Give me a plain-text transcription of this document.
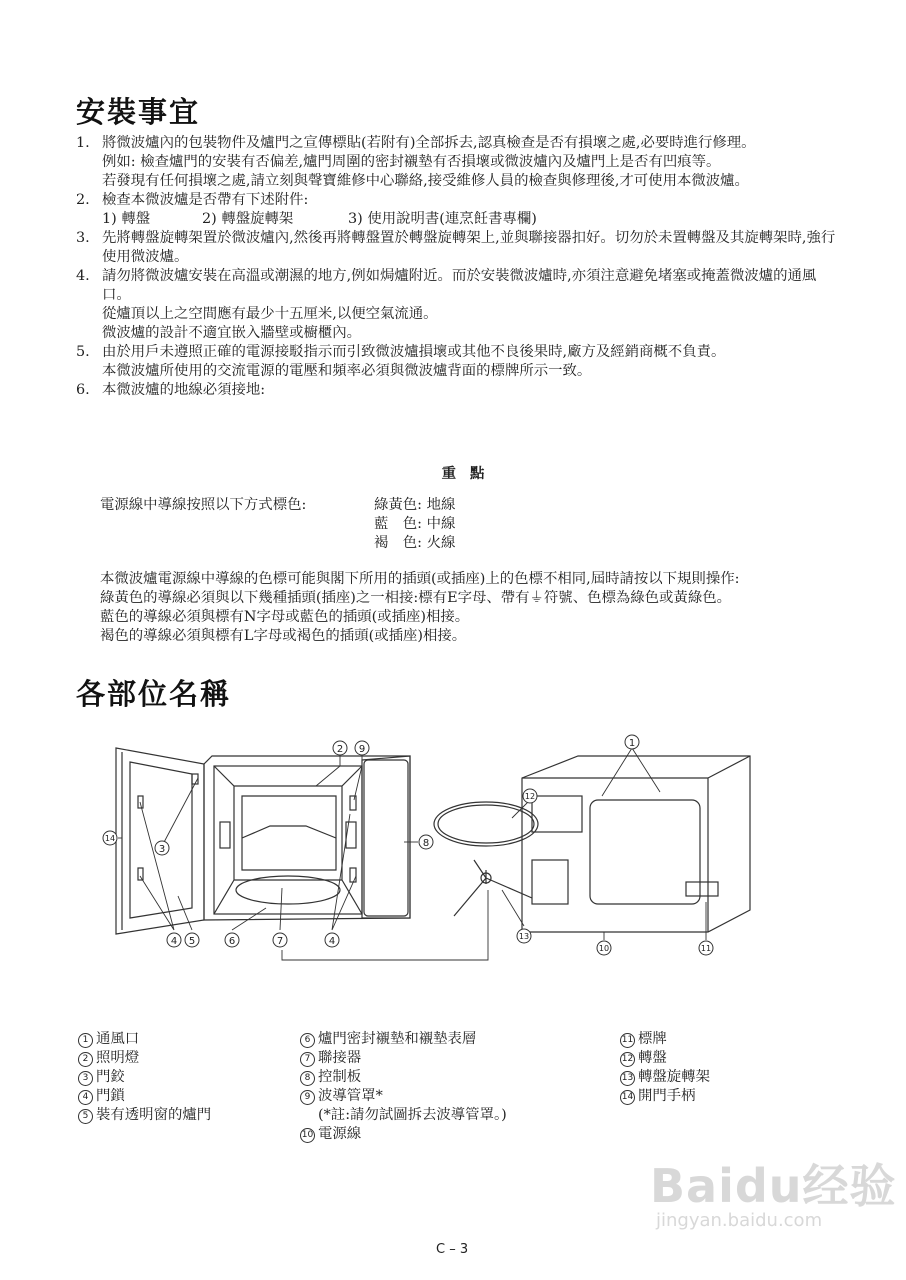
安裝事宜
1. 將微波爐內的包裝物件及爐門之宣傳標貼(若附有)全部拆去,認真檢查是否有損壞之處,必要時進行修理。

例如: 檢查爐門的安裝有否偏差,爐門周圍的密封襯墊有否損壞或微波爐內及爐門上是否有凹痕等。

若發現有任何損壞之處,請立刻與聲寶維修中心聯絡,接受維修人員的檢查與修理後,才可使用本微波爐。

2. 檢查本微波爐是否帶有下述附件:

1) 轉盤	2) 轉盤旋轉架	3) 使用說明書(連烹飪書專欄)
3. 先將轉盤旋轉架置於微波爐內,然後再將轉盤置於轉盤旋轉架上,並與聯接器扣好。切勿於未置轉盤及其旋轉架時,強行使用微波爐。

4. 請勿將微波爐安裝在高溫或潮濕的地方,例如焗爐附近。而於安裝微波爐時,亦須注意避免堵塞或掩蓋微波爐的通風口。

從爐頂以上之空間應有最少十五厘米,以便空氣流通。

微波爐的設計不適宜嵌入牆壁或櫥櫃內。

5. 由於用戶未遵照正確的電源接駁指示而引致微波爐損壞或其他不良後果時,廠方及經銷商概不負責。

本微波爐所使用的交流電源的電壓和頻率必須與微波爐背面的標牌所示一致。

6. 本微波爐的地線必須接地:

重點
電源線中導線按照以下方式標色:	綠黃色: 地線

藍　色: 中線

褐　色: 火線

本微波爐電源線中導線的色標可能與閣下所用的插頭(或插座)上的色標不相同,屆時請按以下規則操作:

綠黃色的導線必須與以下幾種插頭(插座)之一相接:標有E字母、帶有⏚符號、色標為綠色或黃綠色。

藍色的導線必須與標有N字母或藍色的插頭(或插座)相接。

褐色的導線必須與標有L字母或褐色的插頭(或插座)相接。

各部位名稱
2 9
3
14
4 5	6	7	4
8
12
13
1
10	11

1 通風口

2 照明燈

3 門鉸

4 門鎖

5 裝有透明窗的爐門

6 爐門密封襯墊和襯墊表層

7 聯接器

8 控制板

9 波導管罩*

(*註:請勿試圖拆去波導管罩。)

10 電源線

11 標牌

12 轉盤

13 轉盤旋轉架

14 開門手柄

Baidu经验
jingyan.baidu.com
C – 3
